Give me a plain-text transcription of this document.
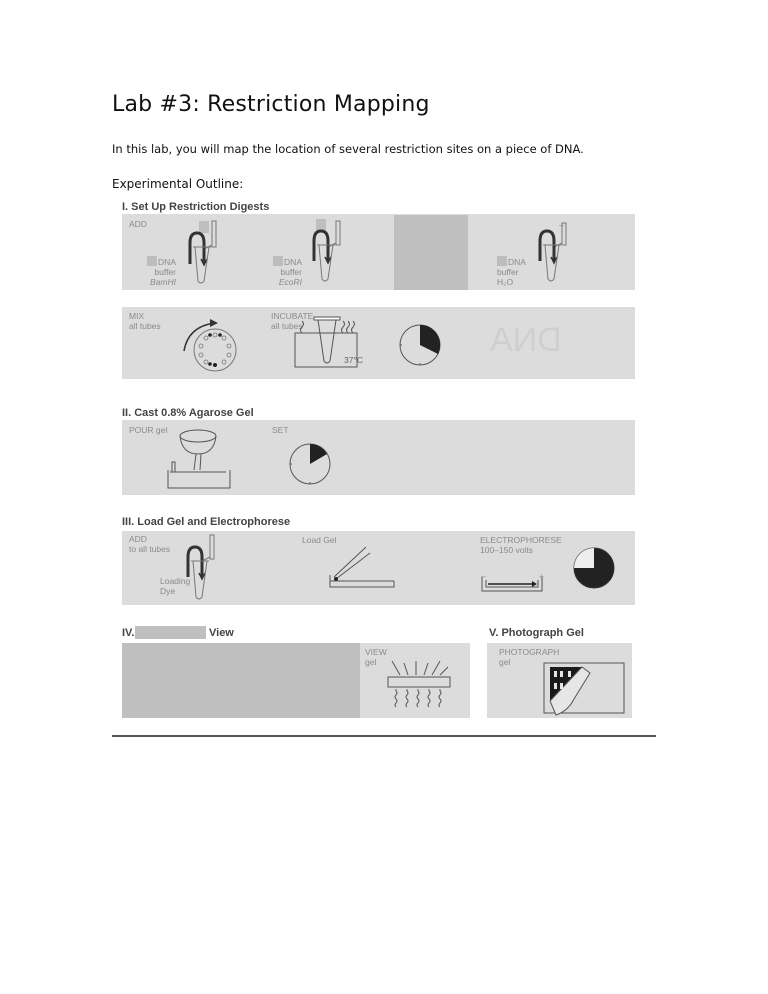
Lab #3: Restriction Mapping
In this lab, you will map the location of several restriction sites on a piece of DNA.
Experimental Outline:
I. Set Up Restriction Digests
ADD
DNA
buffer
BamHI
DNA
buffer
EcoRI
DNA
buffer
H₂O
–
MIX
all tubes
INCUBATE
all tubes
37°C
DNA
II. Cast 0.8% Agarose Gel
POUR gel	SET
III. Load Gel and Electrophorese
ADD
to all tubes
Loading
Dye
Load Gel	ELECTROPHORESE
100–150 volts
–	+
IV.	View
VIEW
gel
V. Photograph Gel
PHOTOGRAPH
gel
